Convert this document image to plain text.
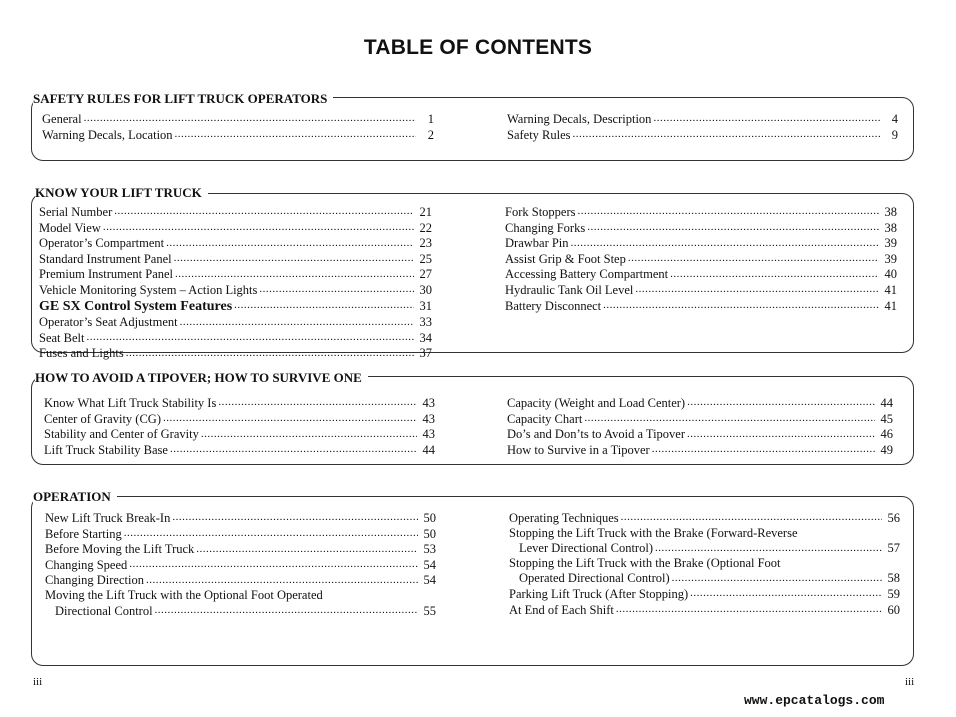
TABLE OF CONTENTS
SAFETY RULES FOR LIFT TRUCK OPERATORS
General .....	1
Warning Decals, Location .....	2
Warning Decals, Description .....	4
Safety Rules .....	9
KNOW YOUR LIFT TRUCK
Serial Number .....	21
Model View .....	22
Operator’s Compartment .....	23
Standard Instrument Panel .....	25
Premium Instrument Panel .....	27
Vehicle Monitoring System – Action Lights .....	30
GE SX Control System Features .....	31
Operator’s Seat Adjustment .....	33
Seat Belt .....	34
Fuses and Lights .....	37
Fork Stoppers .....	38
Changing Forks .....	38
Drawbar Pin .....	39
Assist Grip & Foot Step .....	39
Accessing Battery Compartment .....	40
Hydraulic Tank Oil Level .....	41
Battery Disconnect .....	41
HOW TO AVOID A TIPOVER; HOW TO SURVIVE ONE
Know What Lift Truck Stability Is .....	43
Center of Gravity (CG) .....	43
Stability and Center of Gravity .....	43
Lift Truck Stability Base .....	44
Capacity (Weight and Load Center) .....	44
Capacity Chart .....	45
Do’s and Don’ts to Avoid a Tipover .....	46
How to Survive in a Tipover .....	49
OPERATION
New Lift Truck Break-In .....	50
Before Starting .....	50
Before Moving the Lift Truck .....	53
Changing Speed .....	54
Changing Direction .....	54
Moving the Lift Truck with the Optional Foot Operated
Directional Control .....	55
Operating Techniques .....	56
Stopping the Lift Truck with the Brake (Forward-Reverse
Lever Directional Control) .....	57
Stopping the Lift Truck with the Brake (Optional Foot
Operated Directional Control) .....	58
Parking Lift Truck (After Stopping) .....	59
At End of Each Shift .....	60
iii	iii
www.epcatalogs.com
